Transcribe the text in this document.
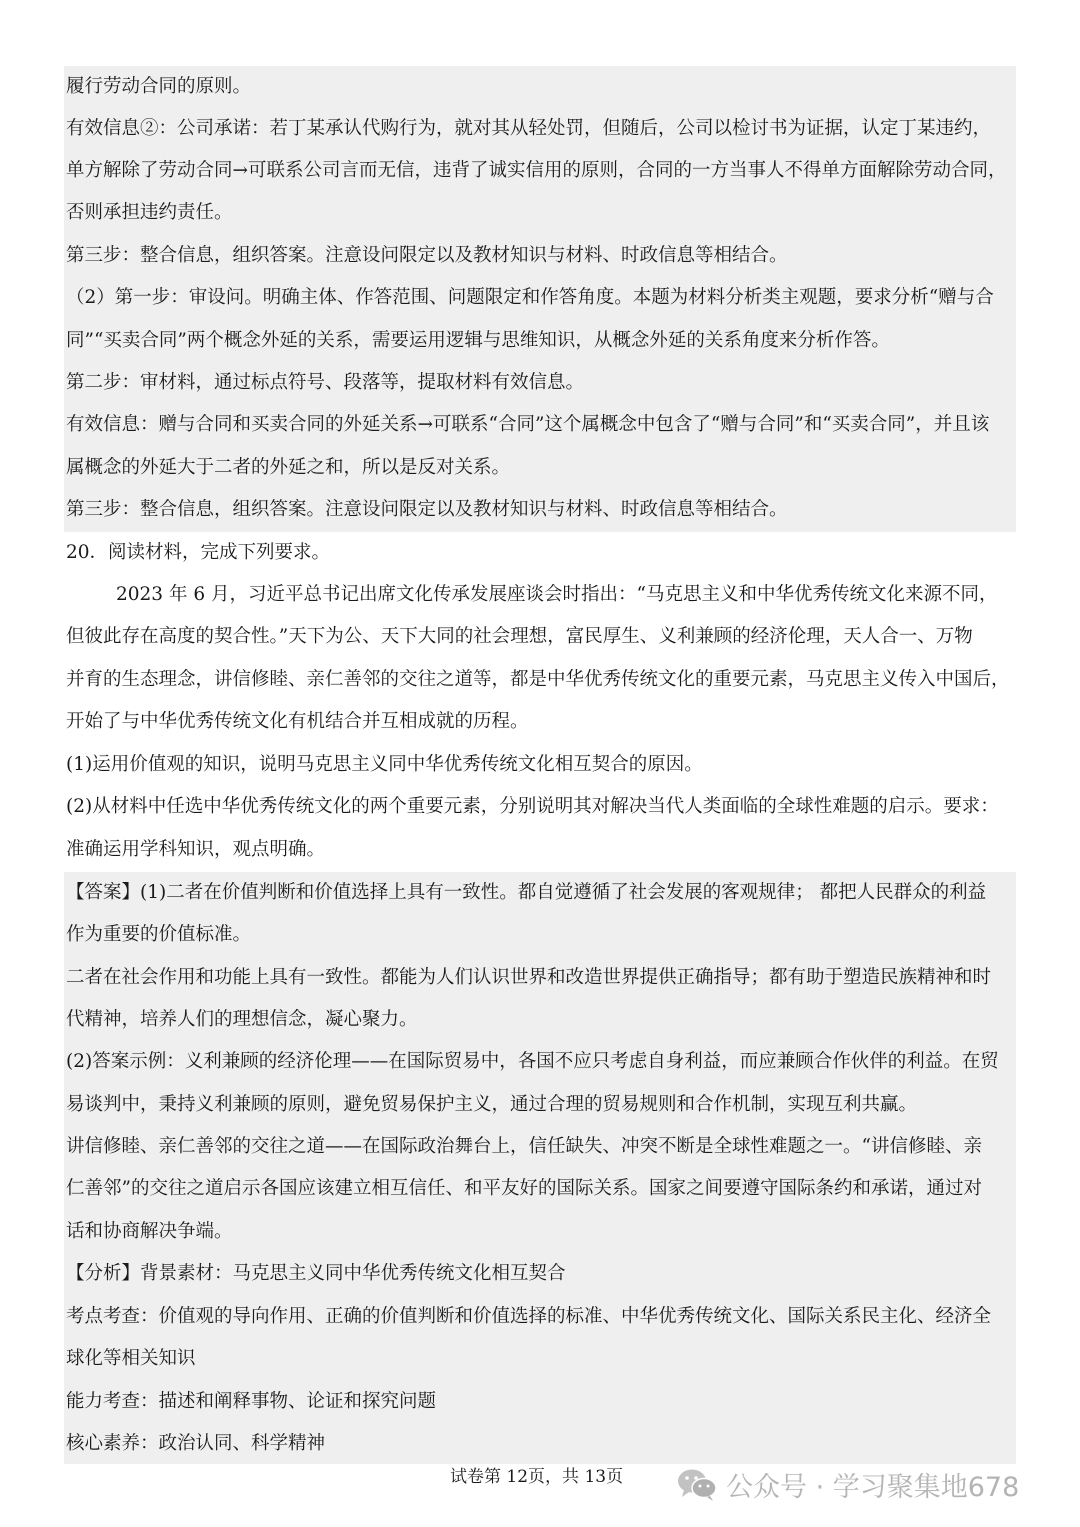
履行劳动合同的原则。
有效信息②：公司承诺：若丁某承认代购行为，就对其从轻处罚，但随后，公司以检讨书为证据，认定丁某违约，
单方解除了劳动合同→可联系公司言而无信，违背了诚实信用的原则，合同的一方当事人不得单方面解除劳动合同，
否则承担违约责任。
第三步：整合信息，组织答案。注意设问限定以及教材知识与材料、时政信息等相结合。
（2）第一步：审设问。明确主体、作答范围、问题限定和作答角度。本题为材料分析类主观题，要求分析“赠与合
同”“买卖合同”两个概念外延的关系，需要运用逻辑与思维知识，从概念外延的关系角度来分析作答。
第二步：审材料，通过标点符号、段落等，提取材料有效信息。
有效信息：赠与合同和买卖合同的外延关系→可联系“合同”这个属概念中包含了“赠与合同”和“买卖合同”，并且该
属概念的外延大于二者的外延之和，所以是反对关系。
第三步：整合信息，组织答案。注意设问限定以及教材知识与材料、时政信息等相结合。
20．阅读材料，完成下列要求。
2023 年 6 月，习近平总书记出席文化传承发展座谈会时指出：“马克思主义和中华优秀传统文化来源不同，
但彼此存在高度的契合性。”天下为公、天下大同的社会理想，富民厚生、义利兼顾的经济伦理，天人合一、万物
并育的生态理念，讲信修睦、亲仁善邻的交往之道等，都是中华优秀传统文化的重要元素，马克思主义传入中国后，
开始了与中华优秀传统文化有机结合并互相成就的历程。
(1)运用价值观的知识，说明马克思主义同中华优秀传统文化相互契合的原因。
(2)从材料中任选中华优秀传统文化的两个重要元素，分别说明其对解决当代人类面临的全球性难题的启示。要求：
准确运用学科知识，观点明确。
【答案】(1)二者在价值判断和价值选择上具有一致性。都自觉遵循了社会发展的客观规律； 都把人民群众的利益
作为重要的价值标准。
二者在社会作用和功能上具有一致性。都能为人们认识世界和改造世界提供正确指导；都有助于塑造民族精神和时
代精神，培养人们的理想信念，凝心聚力。
(2)答案示例：义利兼顾的经济伦理——在国际贸易中，各国不应只考虑自身利益，而应兼顾合作伙伴的利益。在贸
易谈判中，秉持义利兼顾的原则，避免贸易保护主义，通过合理的贸易规则和合作机制，实现互利共赢。
讲信修睦、亲仁善邻的交往之道——在国际政治舞台上，信任缺失、冲突不断是全球性难题之一。“讲信修睦、亲
仁善邻”的交往之道启示各国应该建立相互信任、和平友好的国际关系。国家之间要遵守国际条约和承诺，通过对
话和协商解决争端。
【分析】背景素材：马克思主义同中华优秀传统文化相互契合
考点考查：价值观的导向作用、正确的价值判断和价值选择的标准、中华优秀传统文化、国际关系民主化、经济全
球化等相关知识
能力考查：描述和阐释事物、论证和探究问题
核心素养：政治认同、科学精神
试卷第 12页，共 13页	公众号 · 学习聚集地678
